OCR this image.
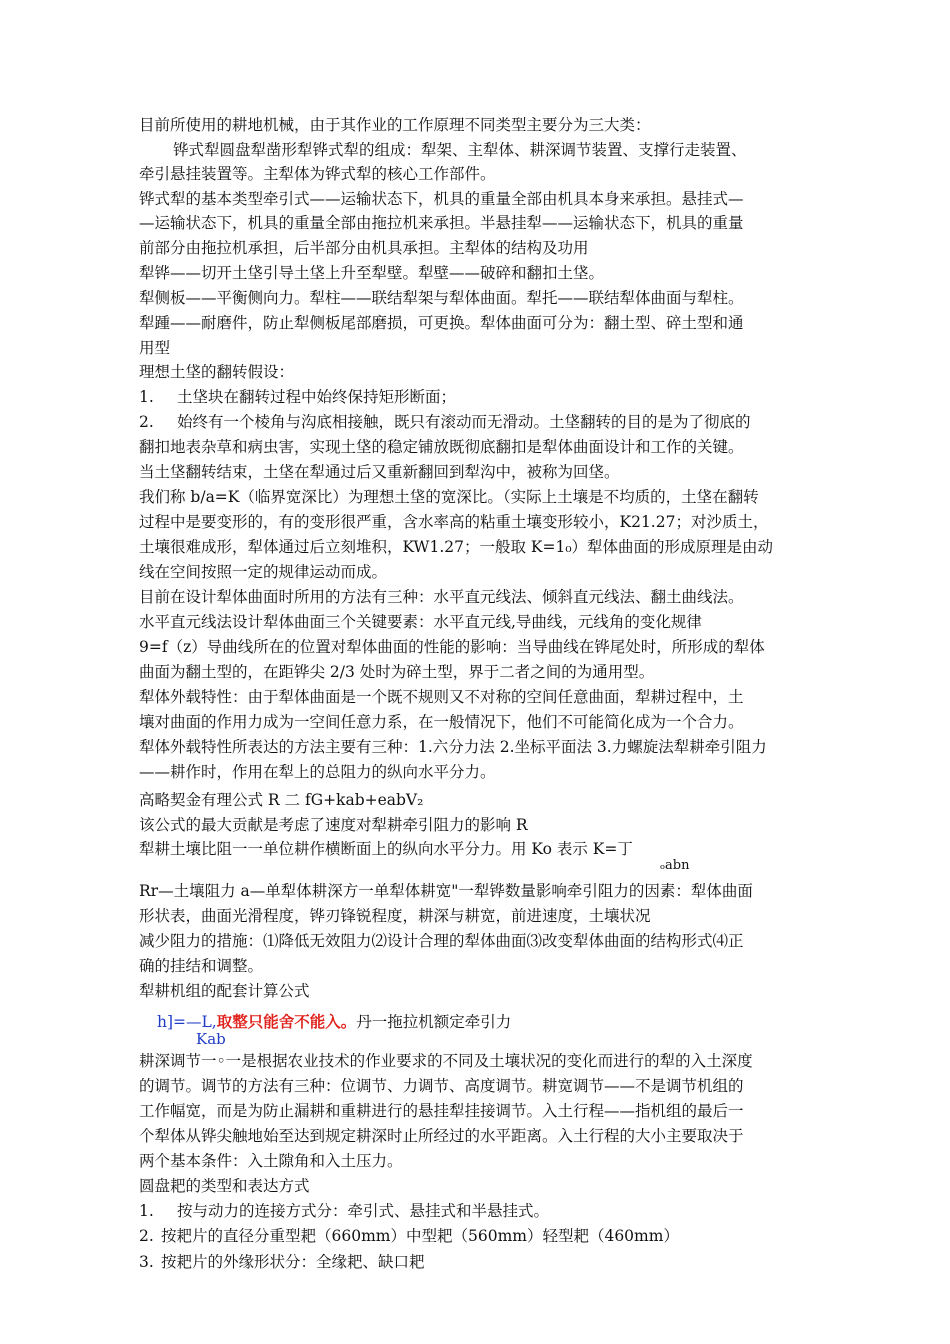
目前所使用的耕地机械，由于其作业的工作原理不同类型主要分为三大类：
铧式犁圆盘犁凿形犁铧式犁的组成：犁架、主犁体、耕深调节装置、支撑行走装置、
牵引悬挂装置等。主犁体为铧式犁的核心工作部件。
铧式犁的基本类型牵引式——运输状态下，机具的重量全部由机具本身来承担。悬挂式—
—运输状态下，机具的重量全部由拖拉机来承担。半悬挂犁——运输状态下，机具的重量
前部分由拖拉机承担，后半部分由机具承担。主犁体的结构及功用
犁铧——切开土垡引导土垡上升至犁壁。犁壁——破碎和翻扣土垡。
犁侧板——平衡侧向力。犁柱——联结犁架与犁体曲面。犁托——联结犁体曲面与犁柱。
犁踵——耐磨件，防止犁侧板尾部磨损，可更换。犁体曲面可分为：翻土型、碎土型和通
用型
理想土垡的翻转假设：
1. 土垡块在翻转过程中始终保持矩形断面；
2. 始终有一个棱角与沟底相接触，既只有滚动而无滑动。土垡翻转的目的是为了彻底的
翻扣地表杂草和病虫害，实现土垡的稳定铺放既彻底翻扣是犁体曲面设计和工作的关键。
当土垡翻转结束，土垡在犁通过后又重新翻回到犁沟中，被称为回垡。
我们称 b/a=K（临界宽深比）为理想土垡的宽深比。（实际上土壤是不均质的，土垡在翻转
过程中是要变形的，有的变形很严重，含水率高的粘重土壤变形较小，K21.27；对沙质土，
土壤很难成形，犁体通过后立刻堆积，KW1.27；一般取 K=1₀）犁体曲面的形成原理是由动
线在空间按照一定的规律运动而成。
目前在设计犁体曲面时所用的方法有三种：水平直元线法、倾斜直元线法、翻土曲线法。
水平直元线法设计犁体曲面三个关键要素：水平直元线,导曲线，元线角的变化规律
9=f（z）导曲线所在的位置对犁体曲面的性能的影响：当导曲线在铧尾处时，所形成的犁体
曲面为翻土型的，在距铧尖 2/3 处时为碎土型，界于二者之间的为通用型。
犁体外载特性：由于犁体曲面是一个既不规则又不对称的空间任意曲面，犁耕过程中，土
壤对曲面的作用力成为一空间任意力系，在一般情况下，他们不可能简化成为一个合力。
犁体外载特性所表达的方法主要有三种：1.六分力法 2.坐标平面法 3.力螺旋法犁耕牵引阻力
——耕作时，作用在犁上的总阻力的纵向水平分力。
高略契金有理公式 R 二 fG+kab+eabV₂
该公式的最大贡献是考虑了速度对犁耕牵引阻力的影响 R
犁耕土壤比阻一一单位耕作横断面上的纵向水平分力。用 Ko 表示 K=丁
ₒabn
Rr—土壤阻力 a—单犁体耕深方一单犁体耕宽"一犁铧数量影响牵引阻力的因素：犁体曲面
形状表，曲面光滑程度，铧刃锋锐程度，耕深与耕宽，前进速度，土壤状况
减少阻力的措施：⑴降低无效阻力⑵设计合理的犁体曲面⑶改变犁体曲面的结构形式⑷正
确的挂结和调整。
犁耕机组的配套计算公式
h]=—L,取整只能舍不能入。丹一拖拉机额定牵引力
Kab
耕深调节一◦一是根据农业技术的作业要求的不同及土壤状况的变化而进行的犁的入土深度
的调节。调节的方法有三种：位调节、力调节、高度调节。耕宽调节——不是调节机组的
工作幅宽，而是为防止漏耕和重耕进行的悬挂犁挂接调节。入土行程——指机组的最后一
个犁体从铧尖触地始至达到规定耕深时止所经过的水平距离。入土行程的大小主要取决于
两个基本条件：入土隙角和入土压力。
圆盘耙的类型和表达方式
1. 按与动力的连接方式分：牵引式、悬挂式和半悬挂式。
2. 按耙片的直径分重型耙（660mm）中型耙（560mm）轻型耙（460mm）
3. 按耙片的外缘形状分：全缘耙、缺口耙
